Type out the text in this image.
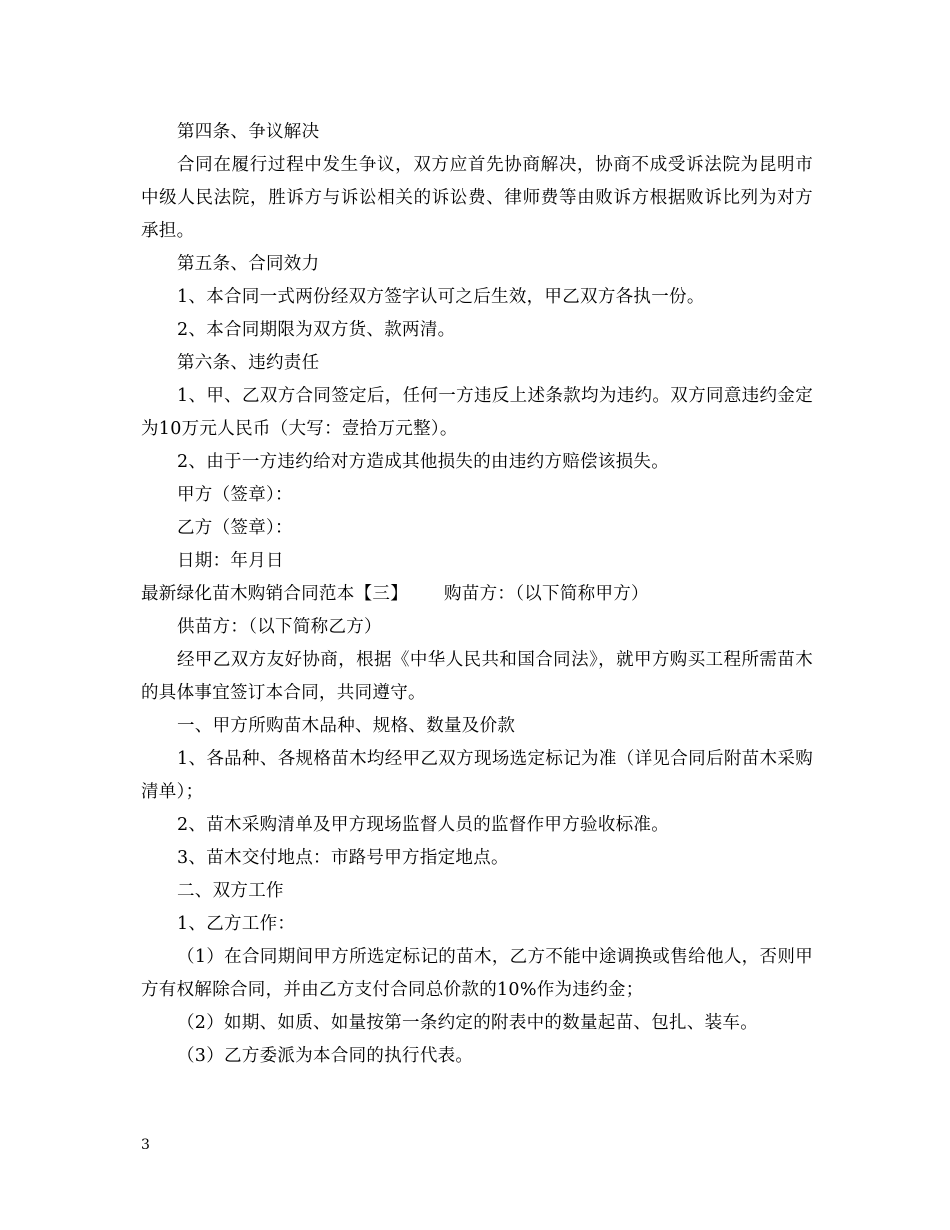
第四条、争议解决

合同在履行过程中发生争议，双方应首先协商解决，协商不成受诉法院为昆明市中级人民法院，胜诉方与诉讼相关的诉讼费、律师费等由败诉方根据败诉比列为对方承担。

第五条、合同效力

1、本合同一式两份经双方签字认可之后生效，甲乙双方各执一份。

2、本合同期限为双方货、款两清。

第六条、违约责任

1、甲、乙双方合同签定后，任何一方违反上述条款均为违约。双方同意违约金定为10万元人民币（大写：壹拾万元整）。

2、由于一方违约给对方造成其他损失的由违约方赔偿该损失。

甲方（签章）：

乙方（签章）：

日期：年月日

最新绿化苗木购销合同范本【三】 购苗方：（以下简称甲方）

供苗方：（以下简称乙方）

经甲乙双方友好协商，根据《中华人民共和国合同法》，就甲方购买工程所需苗木的具体事宜签订本合同，共同遵守。

一、甲方所购苗木品种、规格、数量及价款

1、各品种、各规格苗木均经甲乙双方现场选定标记为准（详见合同后附苗木采购清单）；

2、苗木采购清单及甲方现场监督人员的监督作甲方验收标准。

3、苗木交付地点：市路号甲方指定地点。

二、双方工作

1、乙方工作：

（1）在合同期间甲方所选定标记的苗木，乙方不能中途调换或售给他人，否则甲方有权解除合同，并由乙方支付合同总价款的10%作为违约金；

（2）如期、如质、如量按第一条约定的附表中的数量起苗、包扎、装车。

（3）乙方委派为本合同的执行代表。

3
